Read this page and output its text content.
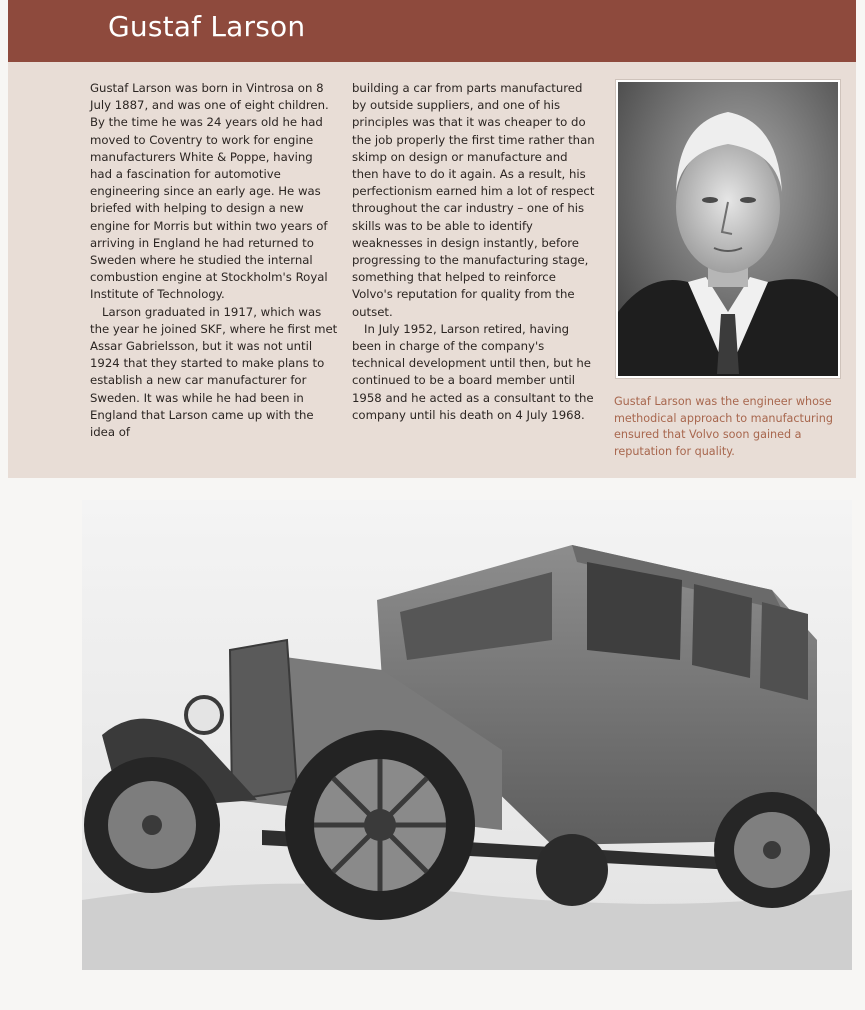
Gustaf Larson

Gustaf Larson was born in Vintrosa on 8 July 1887, and was one of eight children. By the time he was 24 years old he had moved to Coventry to work for engine manufacturers White & Poppe, having had a fascination for automotive engineering since an early age. He was briefed with helping to design a new engine for Morris but within two years of arriving in England he had returned to Sweden where he studied the internal combustion engine at Stockholm's Royal Institute of Technology.

Larson graduated in 1917, which was the year he joined SKF, where he first met Assar Gabrielsson, but it was not until 1924 that they started to make plans to establish a new car manufacturer for Sweden. It was while he had been in England that Larson came up with the idea of

building a car from parts manufactured by outside suppliers, and one of his principles was that it was cheaper to do the job properly the first time rather than skimp on design or manufacture and then have to do it again. As a result, his perfectionism earned him a lot of respect throughout the car industry – one of his skills was to be able to identify weaknesses in design instantly, before progressing to the manufacturing stage, something that helped to reinforce Volvo's reputation for quality from the outset.

In July 1952, Larson retired, having been in charge of the company's technical development until then, but he continued to be a board member until 1958 and he acted as a consultant to the company until his death on 4 July 1968.

Gustaf Larson was the engineer whose methodical approach to manufacturing ensured that Volvo soon gained a reputation for quality.
